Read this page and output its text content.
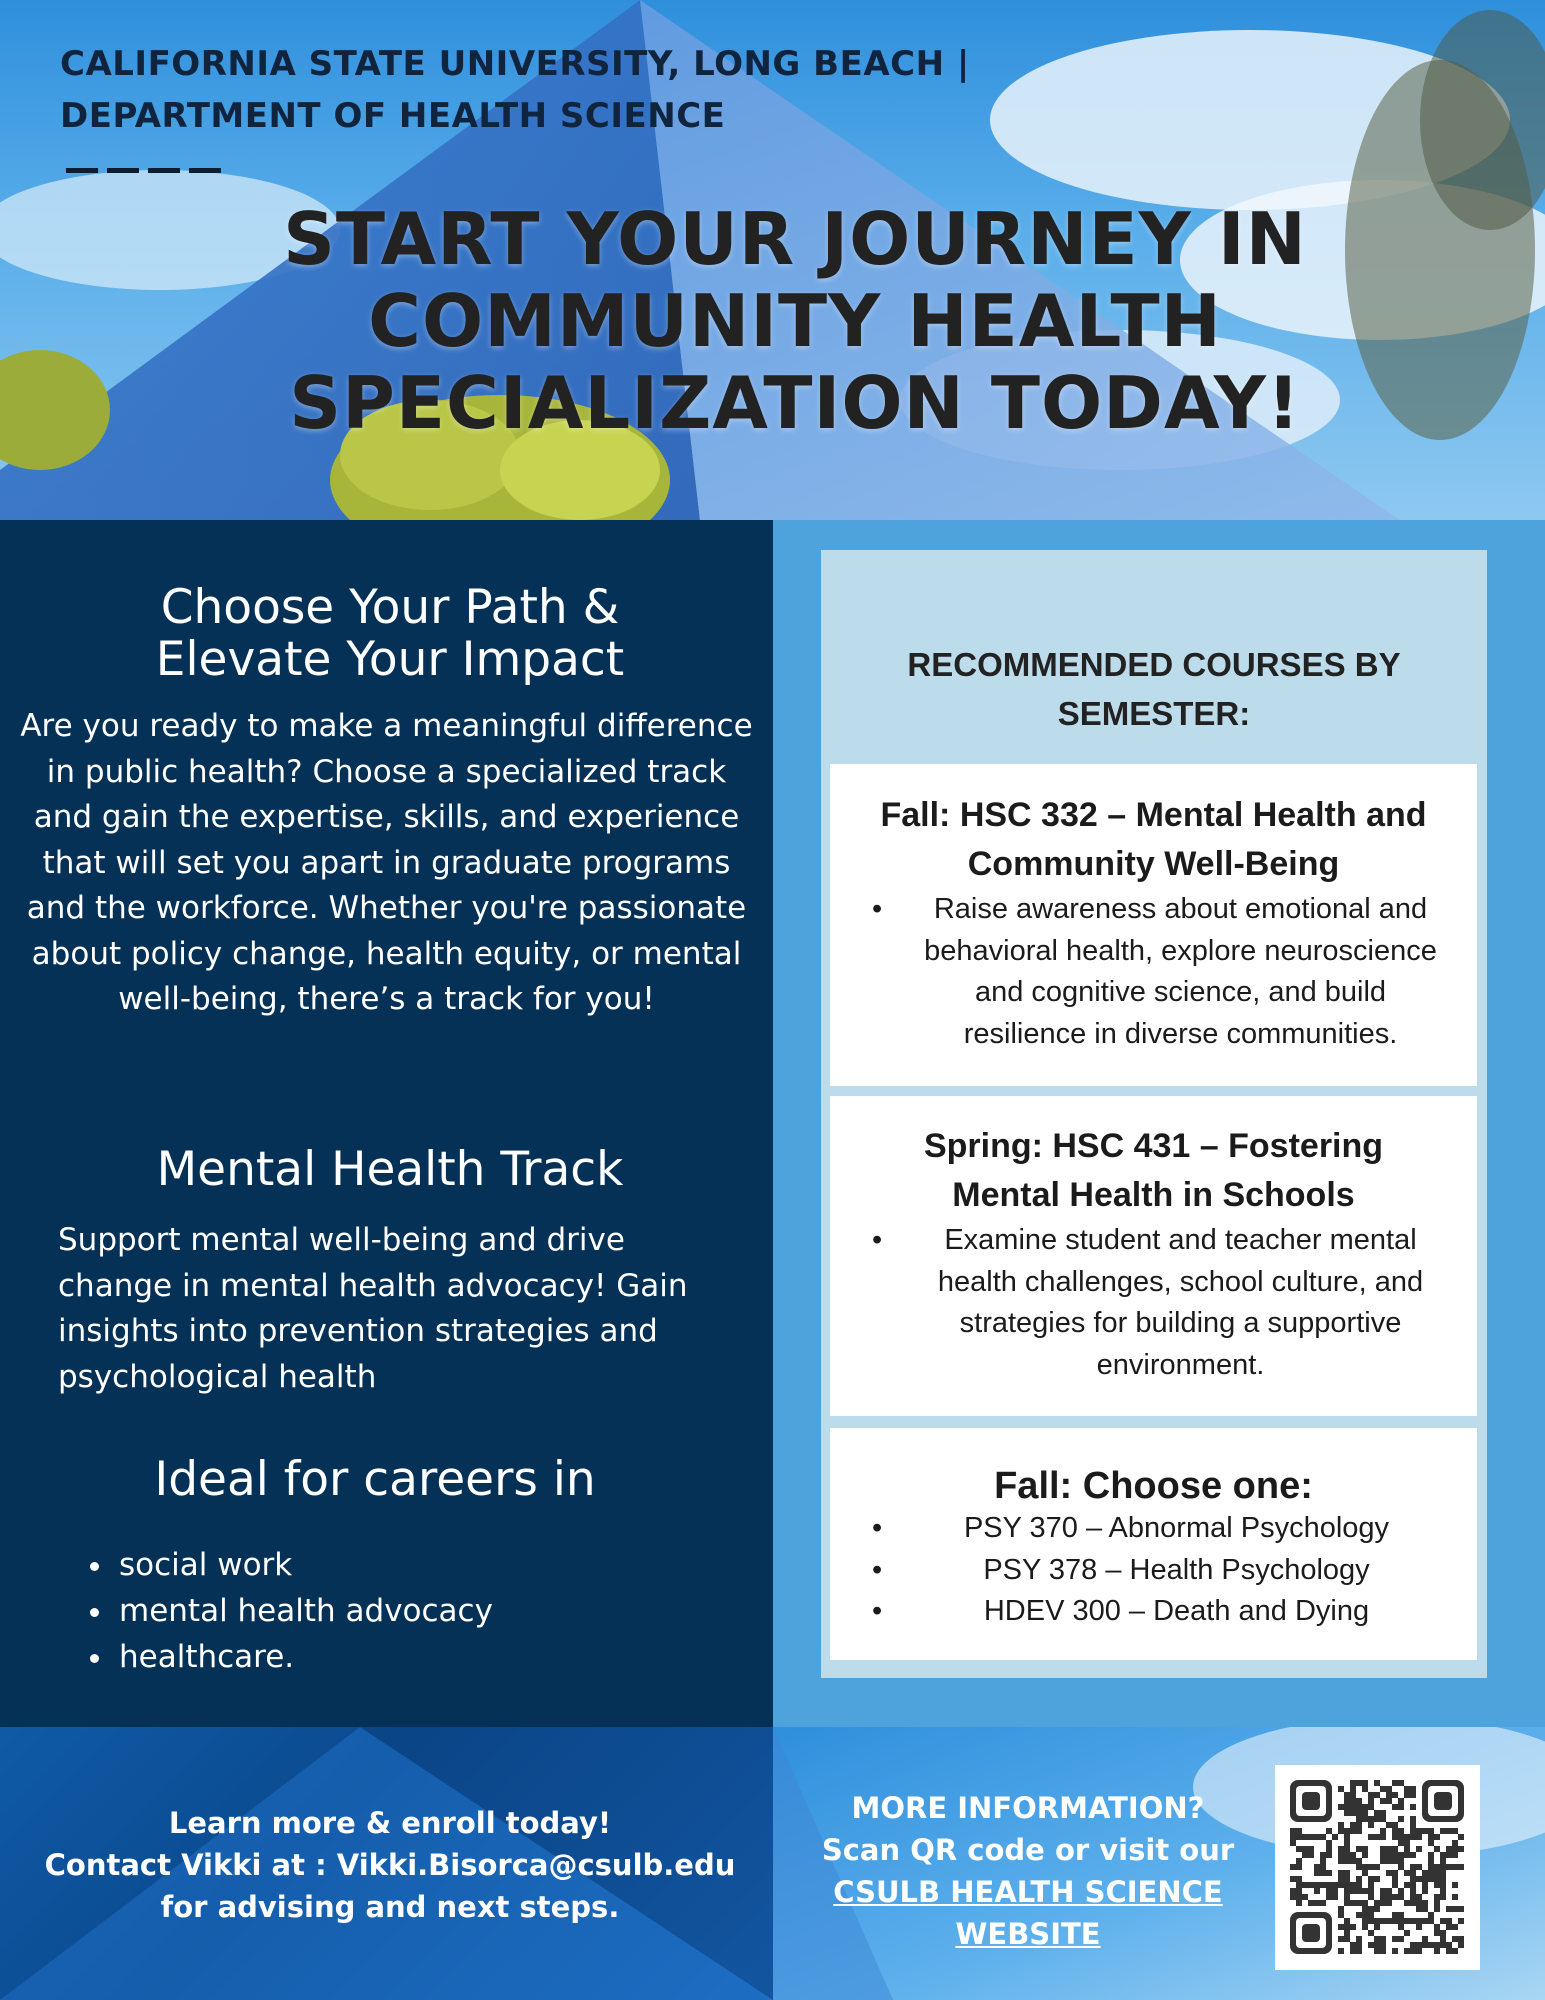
CALIFORNIA STATE UNIVERSITY, LONG BEACH |
DEPARTMENT OF HEALTH SCIENCE
START YOUR JOURNEY IN
COMMUNITY HEALTH
SPECIALIZATION TODAY!
Choose Your Path &
Elevate Your Impact

Are you ready to make a meaningful difference in public health? Choose a specialized track and gain the expertise, skills, and experience that will set you apart in graduate programs and the workforce. Whether you're passionate about policy change, health equity, or mental well-being, there’s a track for you!

Mental Health Track

Support mental well-being and drive change in mental health advocacy! Gain insights into prevention strategies and psychological health

Ideal for careers in
• social work
• mental health advocacy
• healthcare.
RECOMMENDED COURSES BY
SEMESTER:
Fall: HSC 332 – Mental Health and
Community Well-Being
• Raise awareness about emotional and behavioral health, explore neuroscience and cognitive science, and build resilience in diverse communities.
Spring: HSC 431 – Fostering
Mental Health in Schools
• Examine student and teacher mental health challenges, school culture, and strategies for building a supportive environment.
Fall: Choose one:
•	PSY 370 – Abnormal Psychology
•	PSY 378 – Health Psychology
•	HDEV 300 – Death and Dying

Learn more & enroll today!
Contact Vikki at : Vikki.Bisorca@csulb.edu
for advising and next steps.

MORE INFORMATION?
Scan QR code or visit our
CSULB HEALTH SCIENCE
WEBSITE
